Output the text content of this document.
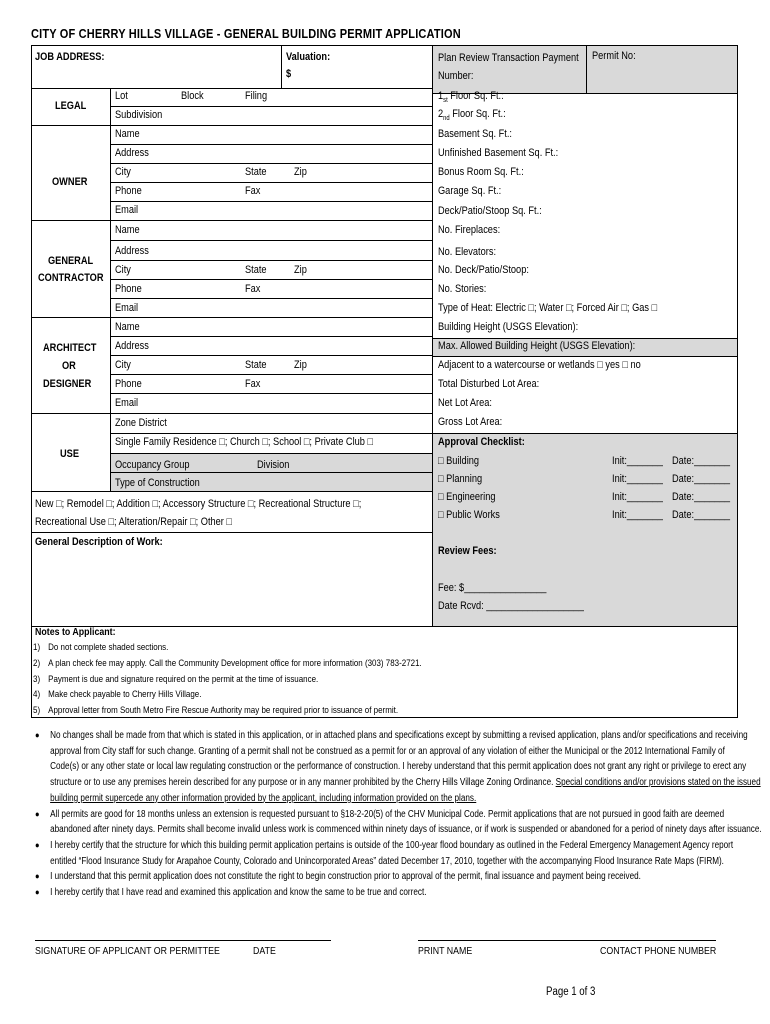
CITY OF CHERRY HILLS VILLAGE - GENERAL BUILDING PERMIT APPLICATION
JOB ADDRESS:	Valuation:
$
Plan Review Transaction Payment
Number:
Permit No:
LEGAL
Lot	Block	Filing
Subdivision
OWNER
Name
Address
City	State Zip
Phone	Fax
Email
GENERAL
CONTRACTOR
Name
Address
City	State Zip
Phone	Fax
Email
ARCHITECT
OR
DESIGNER
Name
Address
City	State Zip
Phone	Fax
Email
USE
Zone District
Single Family Residence □; Church □; School □; Private Club □
Occupancy Group	Division
Type of Construction
New □; Remodel □; Addition □; Accessory Structure □; Recreational Structure □;
Recreational Use □; Alteration/Repair □; Other □
General Description of Work:
$1_{st}$ Floor Sq. Ft.:
$2_{nd}$ Floor Sq. Ft.:
Basement Sq. Ft.:
Unfinished Basement Sq. Ft.:
Bonus Room Sq. Ft.:
Garage Sq. Ft.:
Deck/Patio/Stoop Sq. Ft.:
No. Fireplaces:
No. Elevators:
No. Deck/Patio/Stoop:
No. Stories:
Type of Heat: Electric □; Water □; Forced Air □; Gas □
Building Height (USGS Elevation):
Max. Allowed Building Height (USGS Elevation):
Adjacent to a watercourse or wetlands □ yes □ no
Total Disturbed Lot Area:
Net Lot Area:
Gross Lot Area:
Approval Checklist:
□ Building	Init:_______ Date:_______
□ Planning	Init:_______ Date:_______
□ Engineering	Init:_______ Date:_______
□ Public Works	Init:_______ Date:_______
Review Fees:
Fee: $________________
Date Rcvd: ___________________
Notes to Applicant:
1) Do not complete shaded sections.
2) A plan check fee may apply. Call the Community Development office for more information (303) 783-2721.
3) Payment is due and signature required on the permit at the time of issuance.
4) Make check payable to Cherry Hills Village.
5) Approval letter from South Metro Fire Rescue Authority may be required prior to issuance of permit.
● No changes shall be made from that which is stated in this application, or in attached plans and specifications except by submitting a revised application, plans and/or specifications and receiving
approval from City staff for such change. Granting of a permit shall not be construed as a permit for or an approval of any violation of either the Municipal or the 2012 International Family of
Code(s) or any other state or local law regulating construction or the performance of construction. I hereby understand that this permit application does not grant any right or privilege to erect any
structure or to use any premises herein described for any purpose or in any manner prohibited by the Cherry Hills Village Zoning Ordinance. Special conditions and/or provisions stated on the issued
building permit supercede any other information provided by the applicant, including information provided on the plans.
● All permits are good for 18 months unless an extension is requested pursuant to §18-2-20(5) of the CHV Municipal Code. Permit applications that are not pursued in good faith are deemed
abandoned after ninety days. Permits shall become invalid unless work is commenced within ninety days of issuance, or if work is suspended or abandoned for a period of ninety days after issuance.
● I hereby certify that the structure for which this building permit application pertains is outside of the 100-year flood boundary as outlined in the Federal Emergency Management Agency report
entitled “Flood Insurance Study for Arapahoe County, Colorado and Unincorporated Areas” dated December 17, 2010, together with the accompanying Flood Insurance Rate Maps (FIRM).
● I understand that this permit application does not constitute the right to begin construction prior to approval of the permit, final issuance and payment being received.
● I hereby certify that I have read and examined this application and know the same to be true and correct.
SIGNATURE OF APPLICANT OR PERMITTEE	DATE	PRINT NAME	CONTACT PHONE NUMBER
Page 1 of 3
